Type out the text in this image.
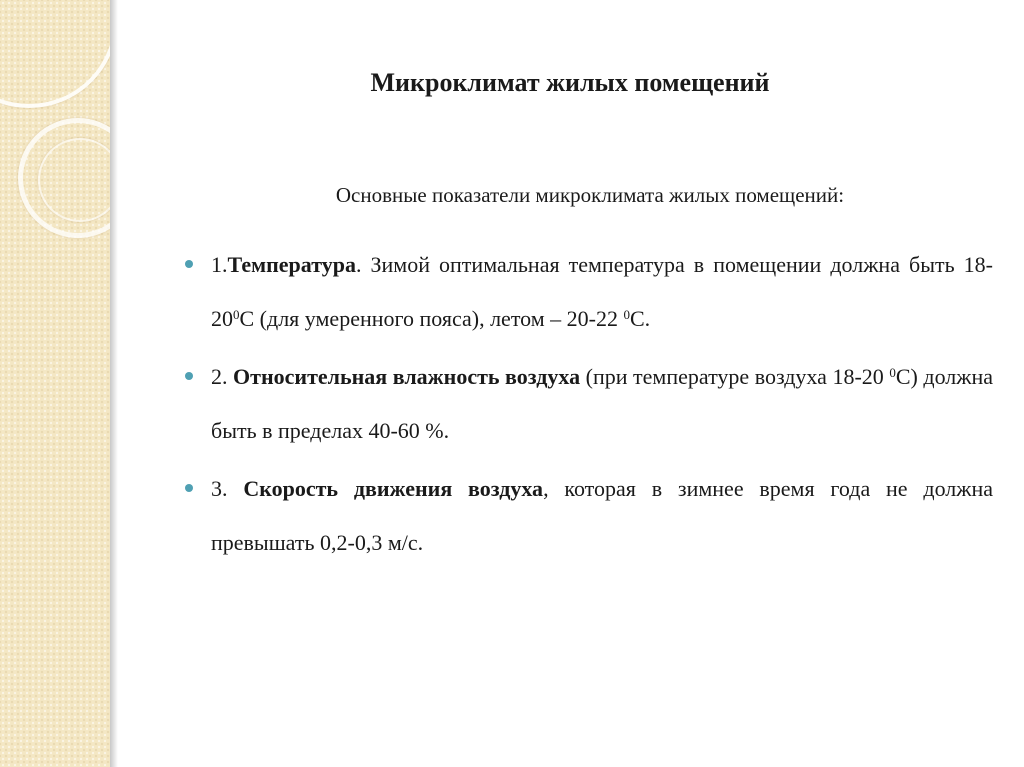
Микроклимат жилых помещений
Основные показатели микроклимата жилых помещений:
1.Температура. Зимой оптимальная температура в помещении должна быть $18-20^0С$ (для умеренного пояса), летом – 20-22 $^0$С.
2. Относительная влажность воздуха (при температуре воздуха 18-20 $^0$С) должна быть в пределах 40-60 %.
3. Скорость движения воздуха, которая в зимнее время года не должна превышать 0,2-0,3 м/с.
